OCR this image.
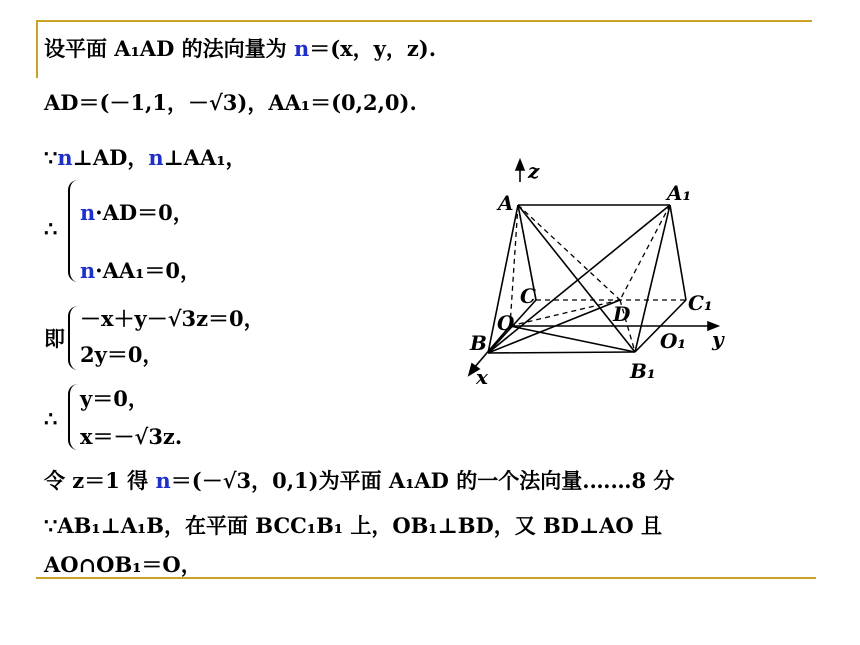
设平面 A₁AD 的法向量为 n＝(x，y，z).
AD＝(－1,1，－√3)，AA₁＝(0,2,0).
∵n⊥AD，n⊥AA₁，
∴
n·AD＝0，
n·AA₁＝0，
即
－x＋y－√3z＝0，
2y＝0，
∴
y＝0，
x＝－√3z.
令 z＝1 得 n＝(－√3，0,1)为平面 A₁AD 的一个法向量.……8 分
∵AB₁⊥A₁B，在平面 BCC₁B₁ 上，OB₁⊥BD，又 BD⊥AO 且
AO∩OB₁＝O，
z
A	A₁
C	C₁
D
O
O₁
B
B₁
x
y
